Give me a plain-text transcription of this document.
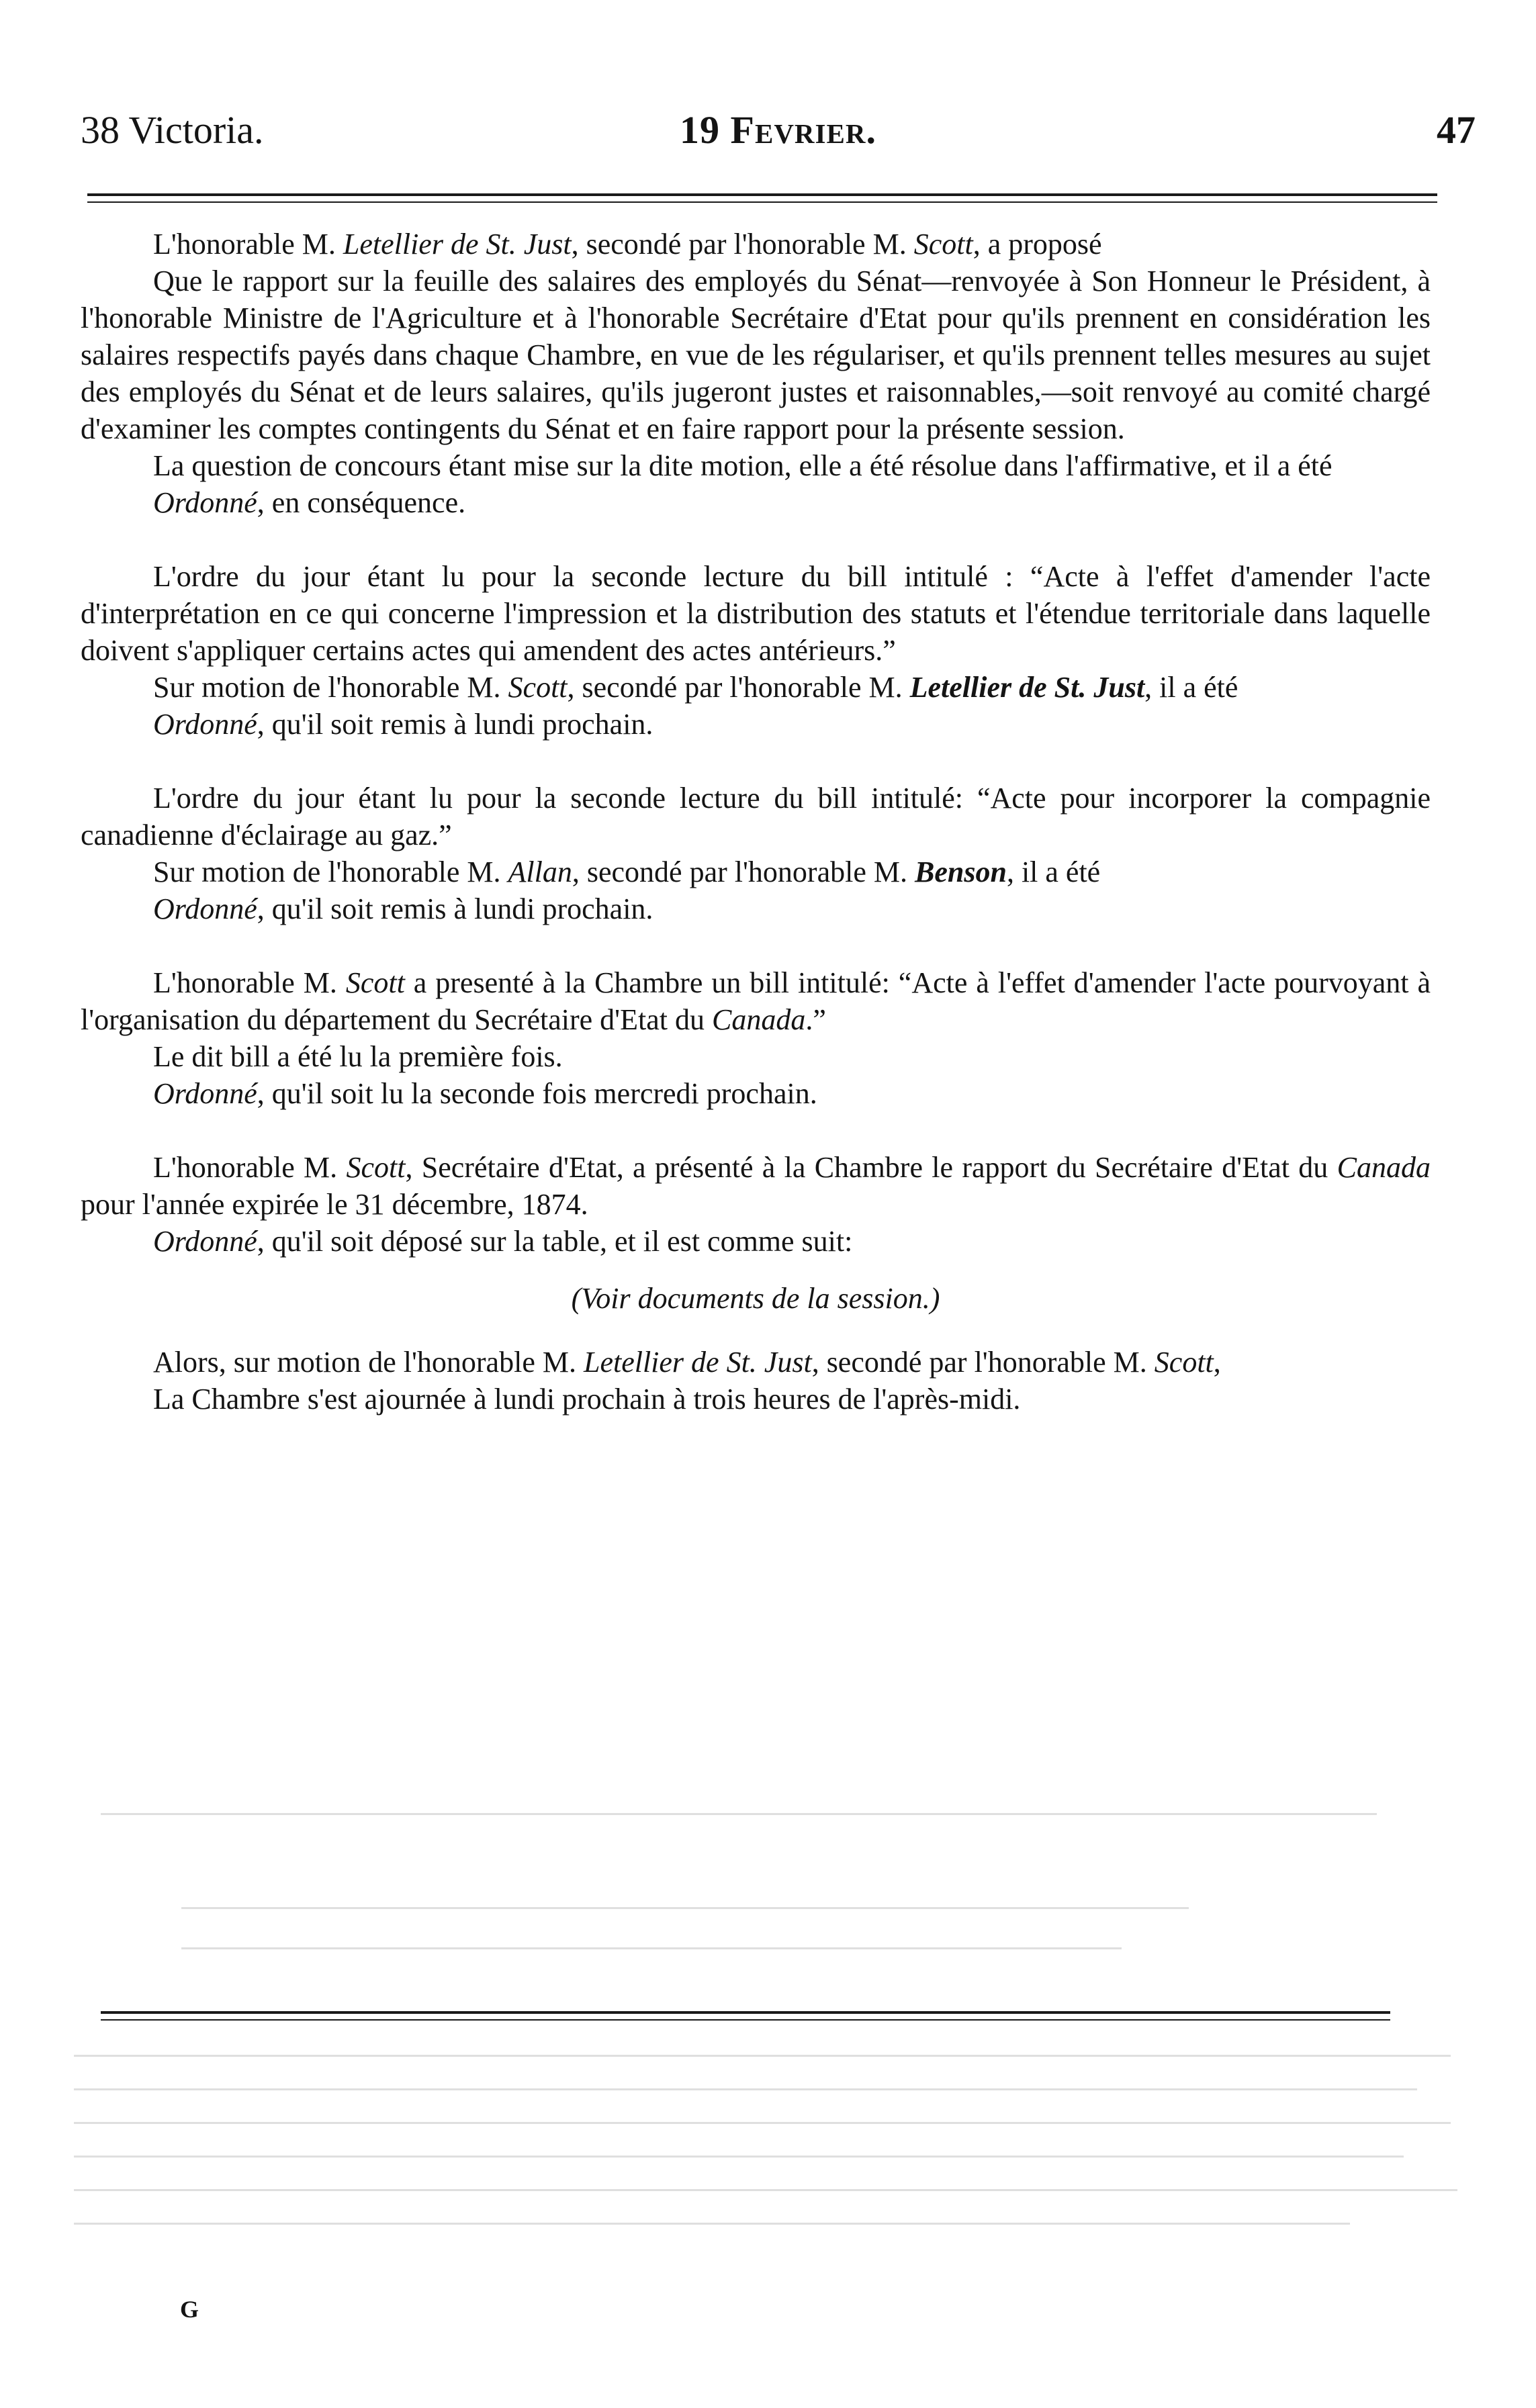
38 Victoria.	19 Fevrier.	47

L'honorable M. Letellier de St. Just, secondé par l'honorable M. Scott, a proposé

Que le rapport sur la feuille des salaires des employés du Sénat—renvoyée à Son Honneur le Président, à l'honorable Ministre de l'Agriculture et à l'honorable Secrétaire d'Etat pour qu'ils prennent en considération les salaires respectifs payés dans chaque Chambre, en vue de les régulariser, et qu'ils prennent telles mesures au sujet des employés du Sénat et de leurs salaires, qu'ils jugeront justes et raisonnables,—soit renvoyé au comité chargé d'examiner les comptes contingents du Sénat et en faire rapport pour la présente session.

La question de concours étant mise sur la dite motion, elle a été résolue dans l'affirmative, et il a été

Ordonné, en conséquence.

L'ordre du jour étant lu pour la seconde lecture du bill intitulé : “Acte à l'effet d'amender l'acte d'interprétation en ce qui concerne l'impression et la distribution des statuts et l'étendue territoriale dans laquelle doivent s'appliquer certains actes qui amendent des actes antérieurs.”

Sur motion de l'honorable M. Scott, secondé par l'honorable M. Letellier de St. Just, il a été

Ordonné, qu'il soit remis à lundi prochain.

L'ordre du jour étant lu pour la seconde lecture du bill intitulé: “Acte pour incorporer la compagnie canadienne d'éclairage au gaz.”

Sur motion de l'honorable M. Allan, secondé par l'honorable M. Benson, il a été

Ordonné, qu'il soit remis à lundi prochain.

L'honorable M. Scott a presenté à la Chambre un bill intitulé: “Acte à l'effet d'amender l'acte pourvoyant à l'organisation du département du Secrétaire d'Etat du Canada.”

Le dit bill a été lu la première fois.

Ordonné, qu'il soit lu la seconde fois mercredi prochain.

L'honorable M. Scott, Secrétaire d'Etat, a présenté à la Chambre le rapport du Secrétaire d'Etat du Canada pour l'année expirée le 31 décembre, 1874.

Ordonné, qu'il soit déposé sur la table, et il est comme suit:

(Voir documents de la session.)

Alors, sur motion de l'honorable M. Letellier de St. Just, secondé par l'honorable M. Scott,

La Chambre s'est ajournée à lundi prochain à trois heures de l'après-midi.

G
